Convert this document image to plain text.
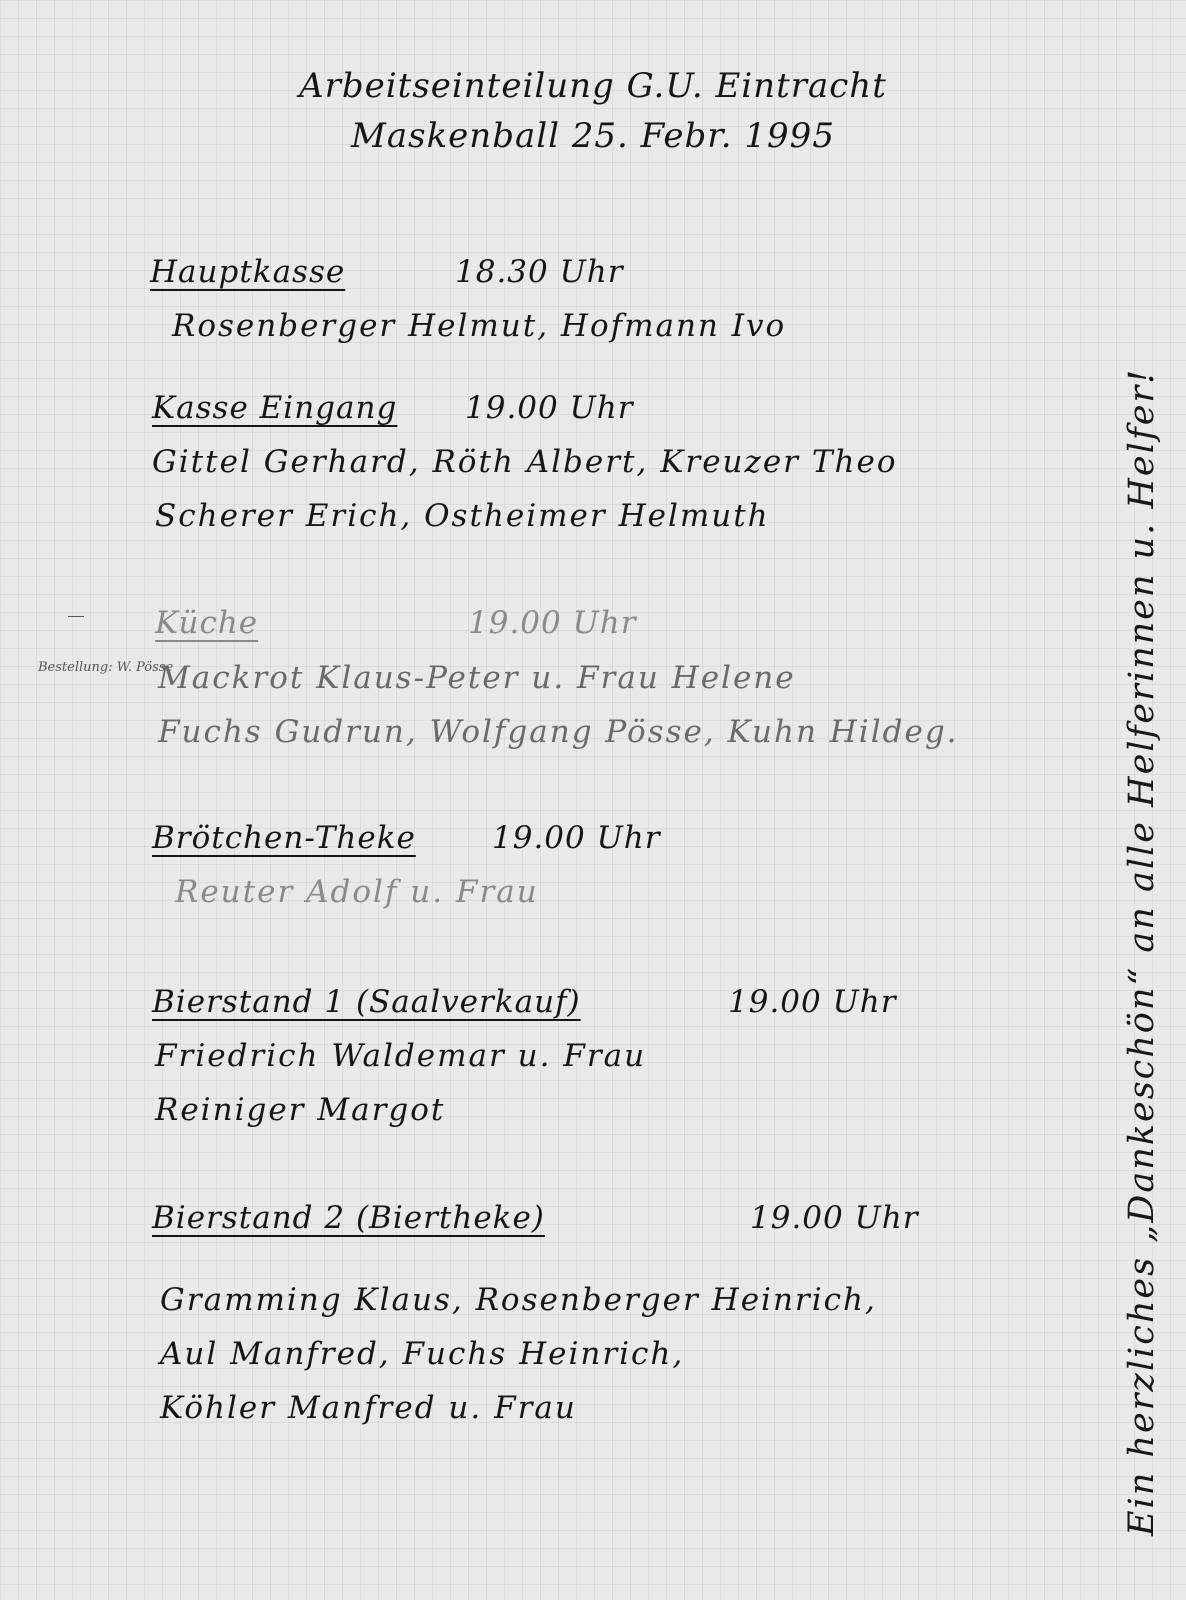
Arbeitseinteilung G.U. Eintracht
Maskenball 25. Febr. 1995
Hauptkasse	18.30 Uhr
Rosenberger Helmut, Hofmann Ivo
Kasse Eingang 19.00 Uhr
Gittel Gerhard, Röth Albert, Kreuzer Theo
Scherer Erich, Ostheimer Helmuth
Küche	19.00 Uhr
Bestellung: W. Pösse
Mackrot Klaus-Peter u. Frau Helene
Fuchs Gudrun, Wolfgang Pösse, Kuhn Hildeg.
Brötchen-Theke 19.00 Uhr
Reuter Adolf u. Frau
Bierstand 1 (Saalverkauf)	19.00 Uhr
Friedrich Waldemar u. Frau
Reiniger Margot
Bierstand 2 (Biertheke)	19.00 Uhr
Gramming Klaus, Rosenberger Heinrich,
Aul Manfred, Fuchs Heinrich,
Köhler Manfred u. Frau	Ein herzliches „Dankeschön“ an alle Helferinnen u. Helfer!
